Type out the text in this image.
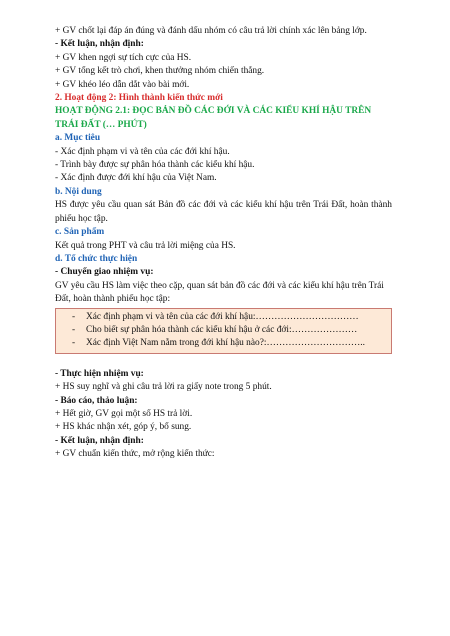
+ GV chốt lại đáp án đúng và đánh dấu nhóm có câu trả lời chính xác lên bảng lớp.
- Kết luận, nhận định:
+ GV khen ngợi sự tích cực của HS.
+ GV tổng kết trò chơi, khen thưởng nhóm chiến thắng.
+ GV khéo léo dẫn dắt vào bài mới.
2. Hoạt động 2: Hình thành kiến thức mới
HOẠT ĐỘNG 2.1: ĐỌC BẢN ĐỒ CÁC ĐỚI VÀ CÁC KIỂU KHÍ HẬU TRÊN TRÁI ĐẤT (… PHÚT)
a. Mục tiêu
- Xác định phạm vi và tên của các đới khí hậu.
- Trình bày được sự phân hóa thành các kiểu khí hậu.
- Xác định được đới khí hậu của Việt Nam.
b. Nội dung
HS được yêu cầu quan sát Bản đồ các đới và các kiểu khí hậu trên Trái Đất, hoàn thành phiếu học tập.
c. Sản phẩm
Kết quả trong PHT và câu trả lời miệng của HS.
d. Tổ chức thực hiện
- Chuyển giao nhiệm vụ:
GV yêu cầu HS làm việc theo cặp, quan sát bản đồ các đới và các kiểu khí hậu trên Trái Đất, hoàn thành phiếu học tập:
-	Xác định phạm vi và tên của các đới khí hậu:……………………………
-	Cho biết sự phân hóa thành các kiểu khí hậu ở các đới:…………………
-	Xác định Việt Nam nằm trong đới khí hậu nào?:…………………………..
- Thực hiện nhiệm vụ:
+ HS suy nghĩ và ghi câu trả lời ra giấy note trong 5 phút.
- Báo cáo, thảo luận:
+ Hết giờ, GV gọi một số HS trả lời.
+ HS khác nhận xét, góp ý, bổ sung.
- Kết luận, nhận định:
+ GV chuẩn kiến thức, mở rộng kiến thức:
